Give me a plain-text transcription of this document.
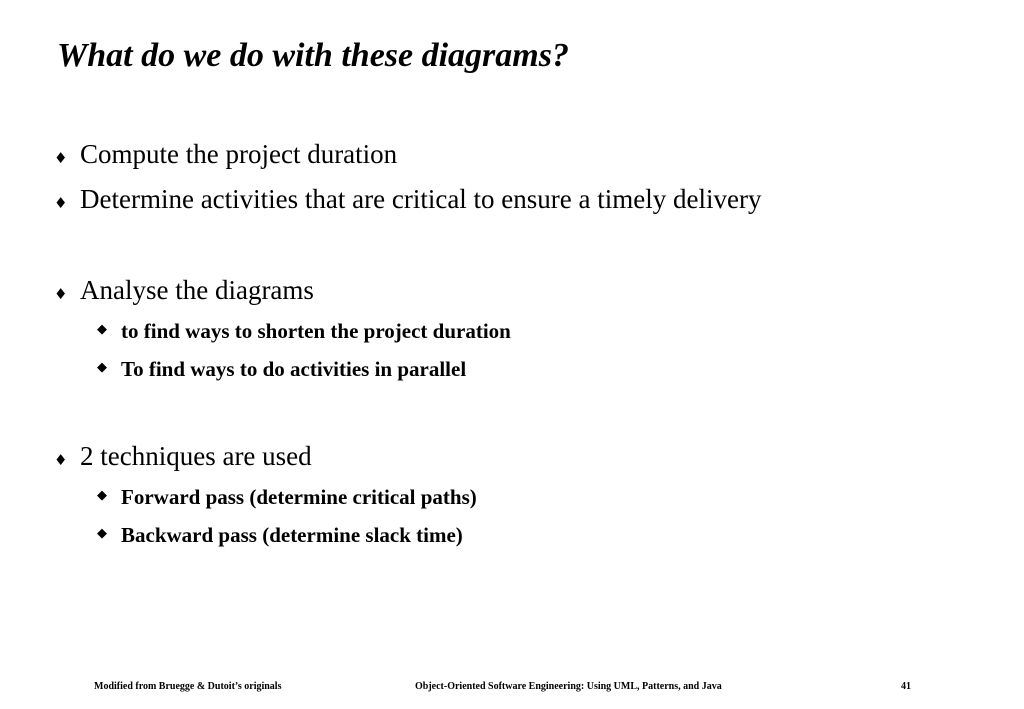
What do we do with these diagrams?
♦ Compute the project duration
♦ Determine activities that are critical to ensure a timely delivery
♦ Analyse the diagrams
◆ to find ways to shorten the project duration
◆ To find ways to do activities in parallel
♦ 2 techniques are used
◆ Forward pass (determine critical paths)
◆ Backward pass (determine slack time)
Modified from Bruegge & Dutoit’s originals	Object-Oriented Software Engineering: Using UML, Patterns, and Java	41
